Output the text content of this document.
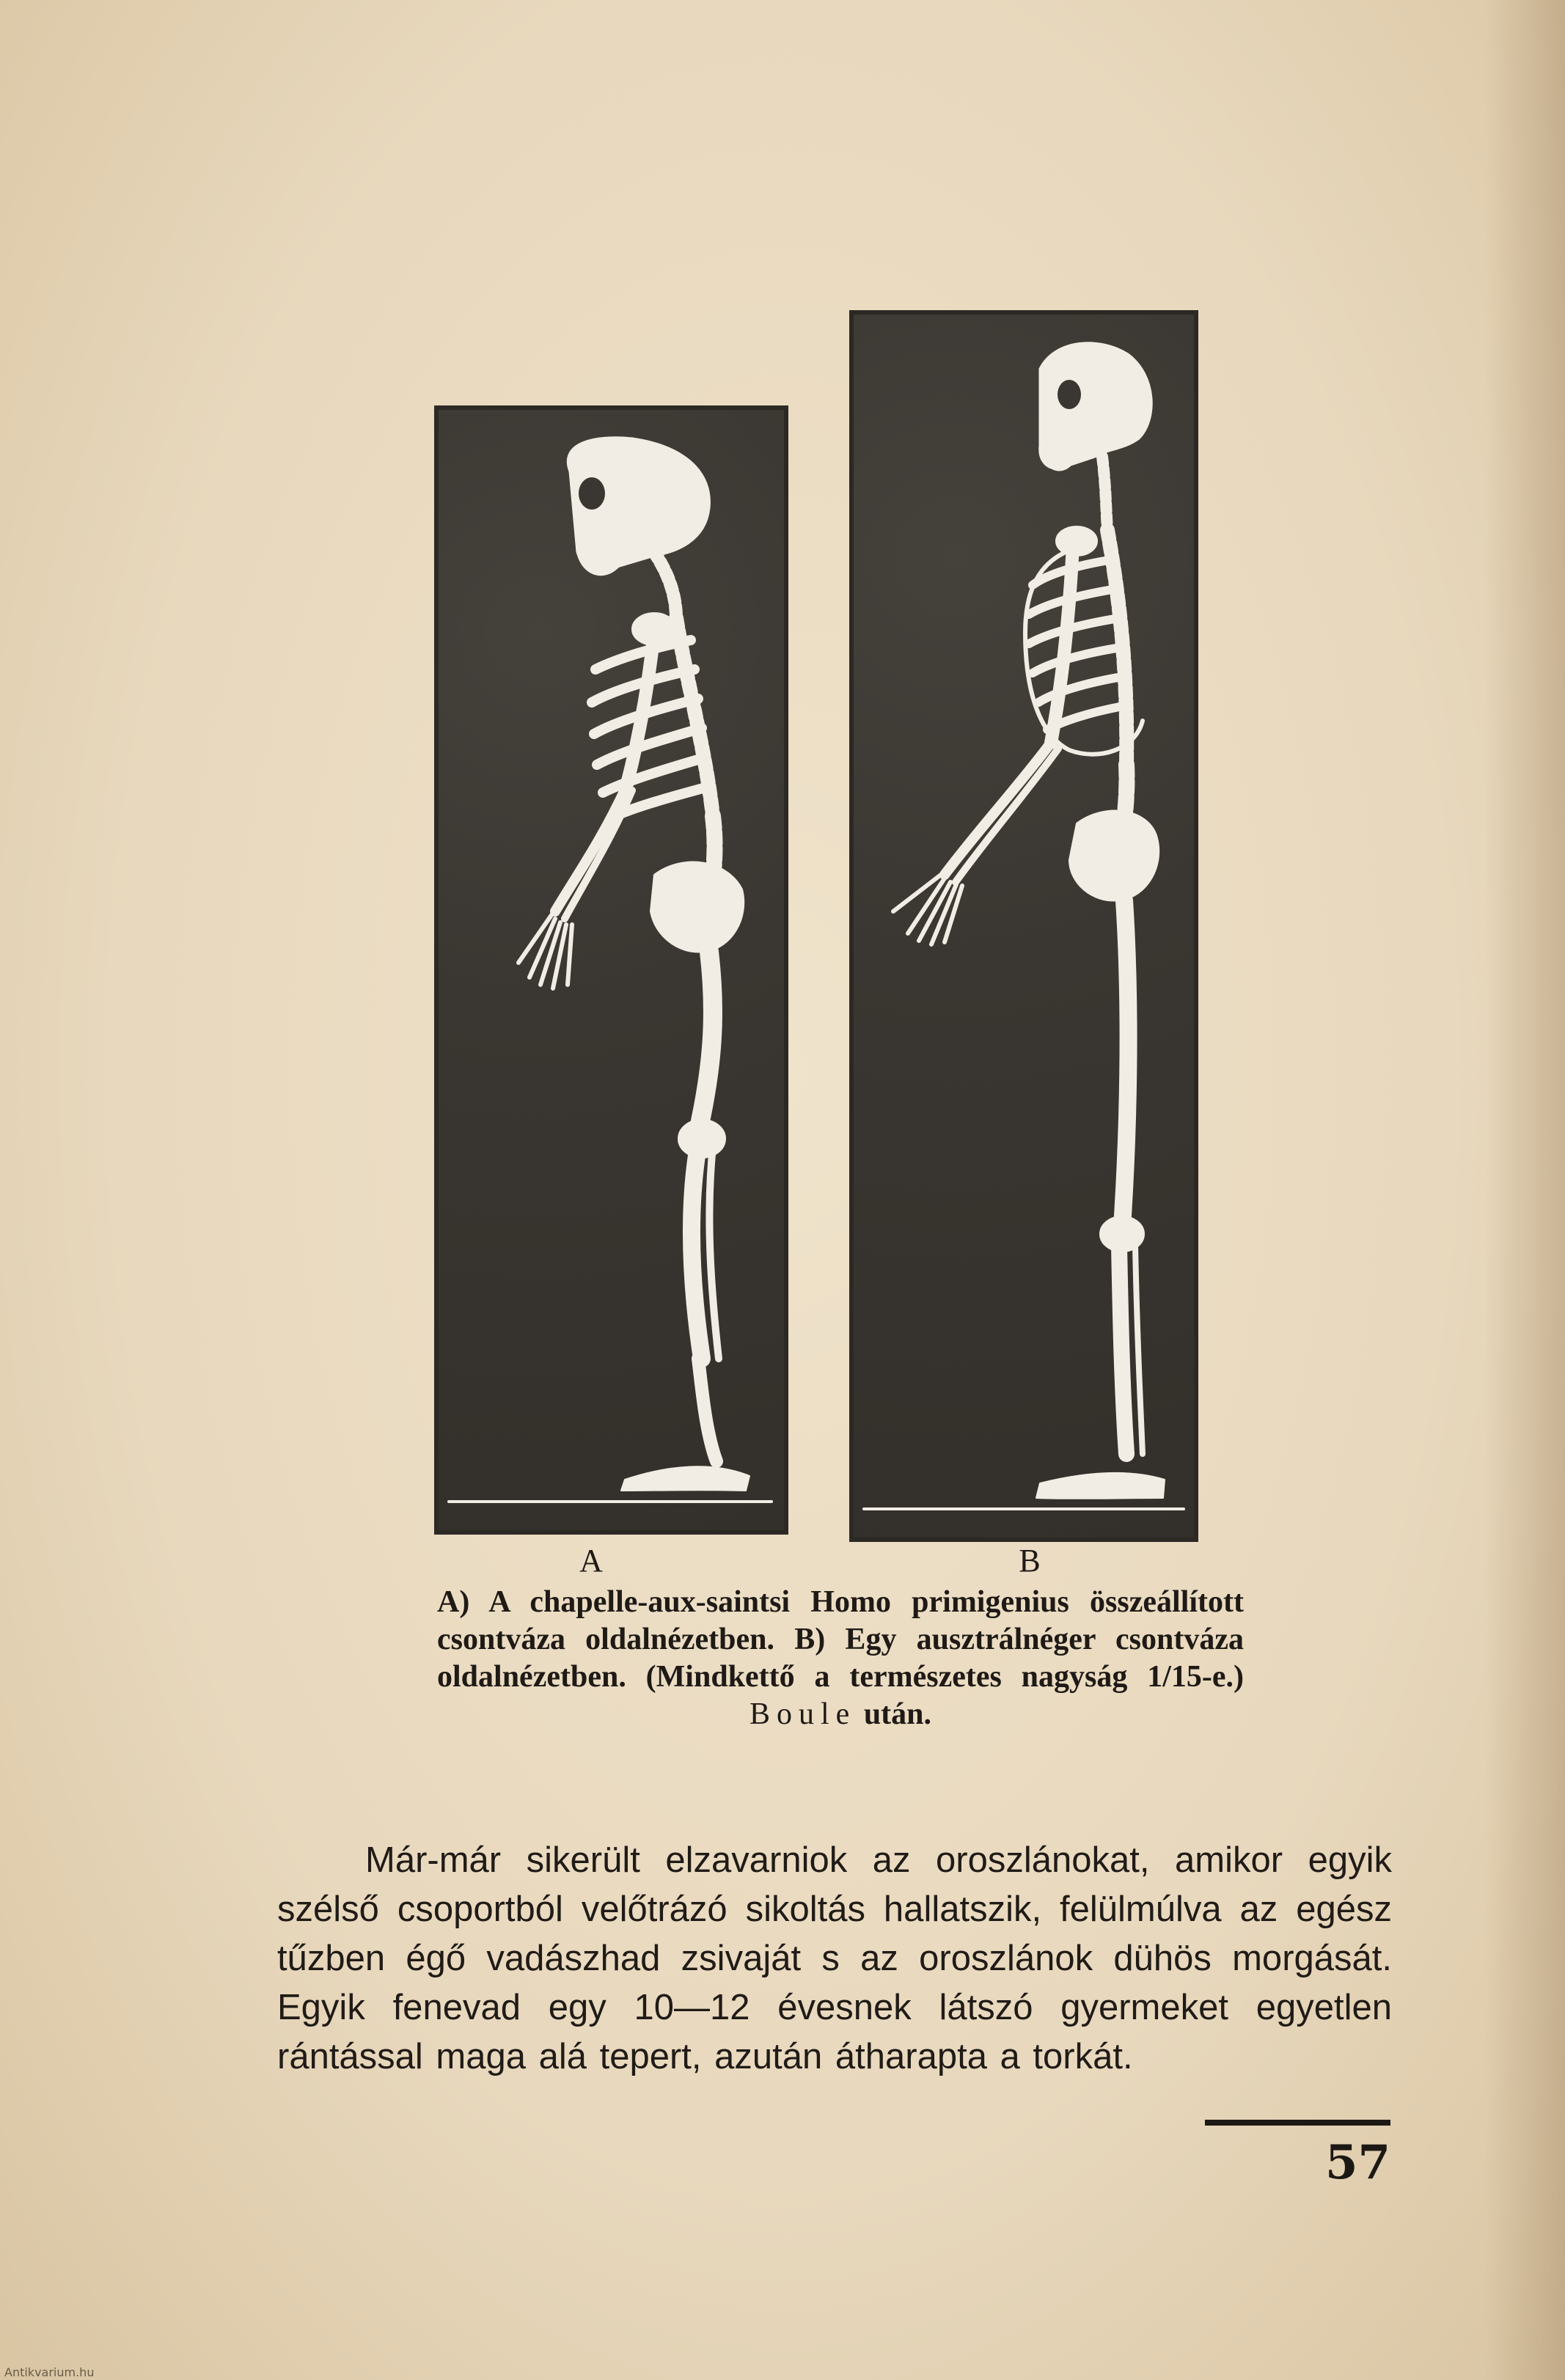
A	B
A) A chapelle-aux-saintsi Homo primigenius összeállított csontváza oldalnézetben. B) Egy ausztrálnéger csontváza oldalnézetben. (Mindkettő a természetes nagyság 1/15-e.) Boule után.

Már-már sikerült elzavarniok az oroszlánokat, amikor egyik szélső csoportból velőtrázó sikoltás hallatszik, felülmúlva az egész tűzben égő vadászhad zsivaját s az oroszlánok dühös morgását. Egyik fenevad egy 10—12 évesnek látszó gyermeket egyetlen rántással maga alá tepert, azután átharapta a torkát.

57
Antikvarium.hu
